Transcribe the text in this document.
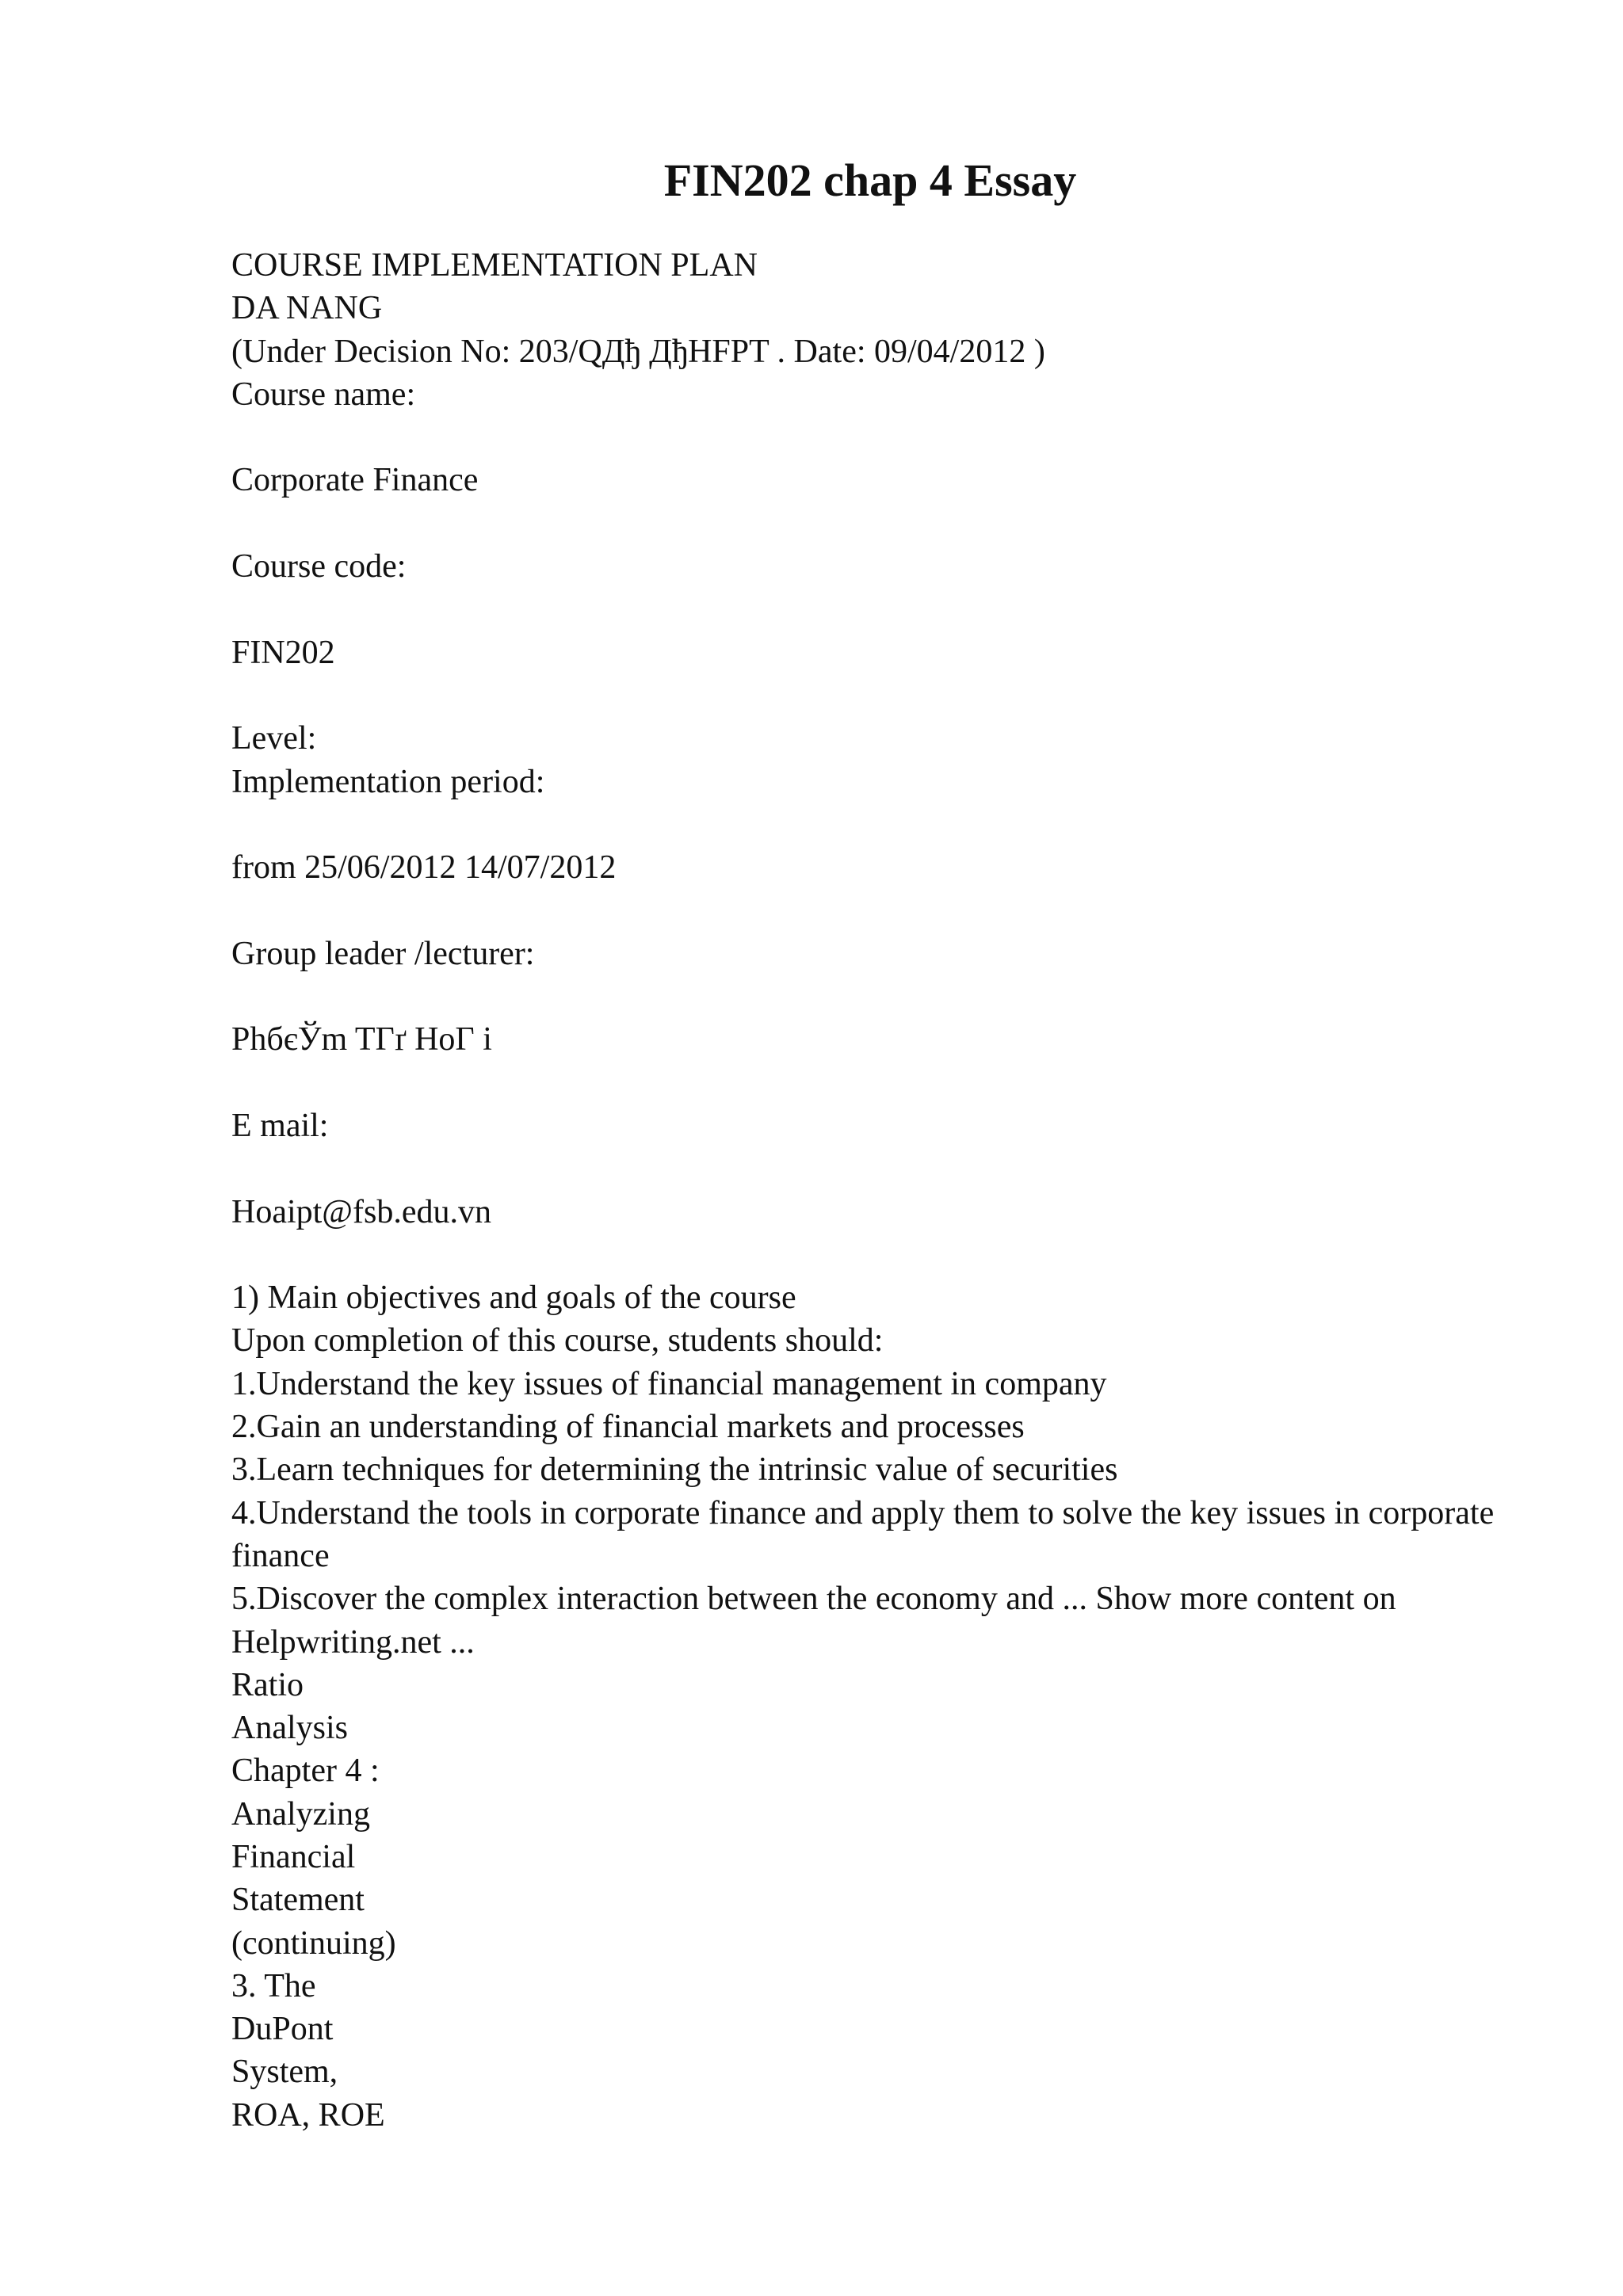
FIN202 chap 4 Essay
COURSE IMPLEMENTATION PLAN
DA NANG
(Under Decision No: 203/QДђ ДђHFPT . Date: 09/04/2012 )
Course name:
Corporate Finance
Course code:
FIN202
Level:
Implementation period:
from 25/06/2012 14/07/2012
Group leader /lecturer:
PhбєЎm TГґ HoГ i
E mail:
Hoaipt@fsb.edu.vn
1) Main objectives and goals of the course
Upon completion of this course, students should:
1.Understand the key issues of financial management in company
2.Gain an understanding of financial markets and processes
3.Learn techniques for determining the intrinsic value of securities
4.Understand the tools in corporate finance and apply them to solve the key issues in corporate finance
5.Discover the complex interaction between the economy and ... Show more content on Helpwriting.net ...
Ratio
Analysis
Chapter 4 :
Analyzing
Financial
Statement
(continuing)
3. The
DuPont
System,
ROA, ROE
